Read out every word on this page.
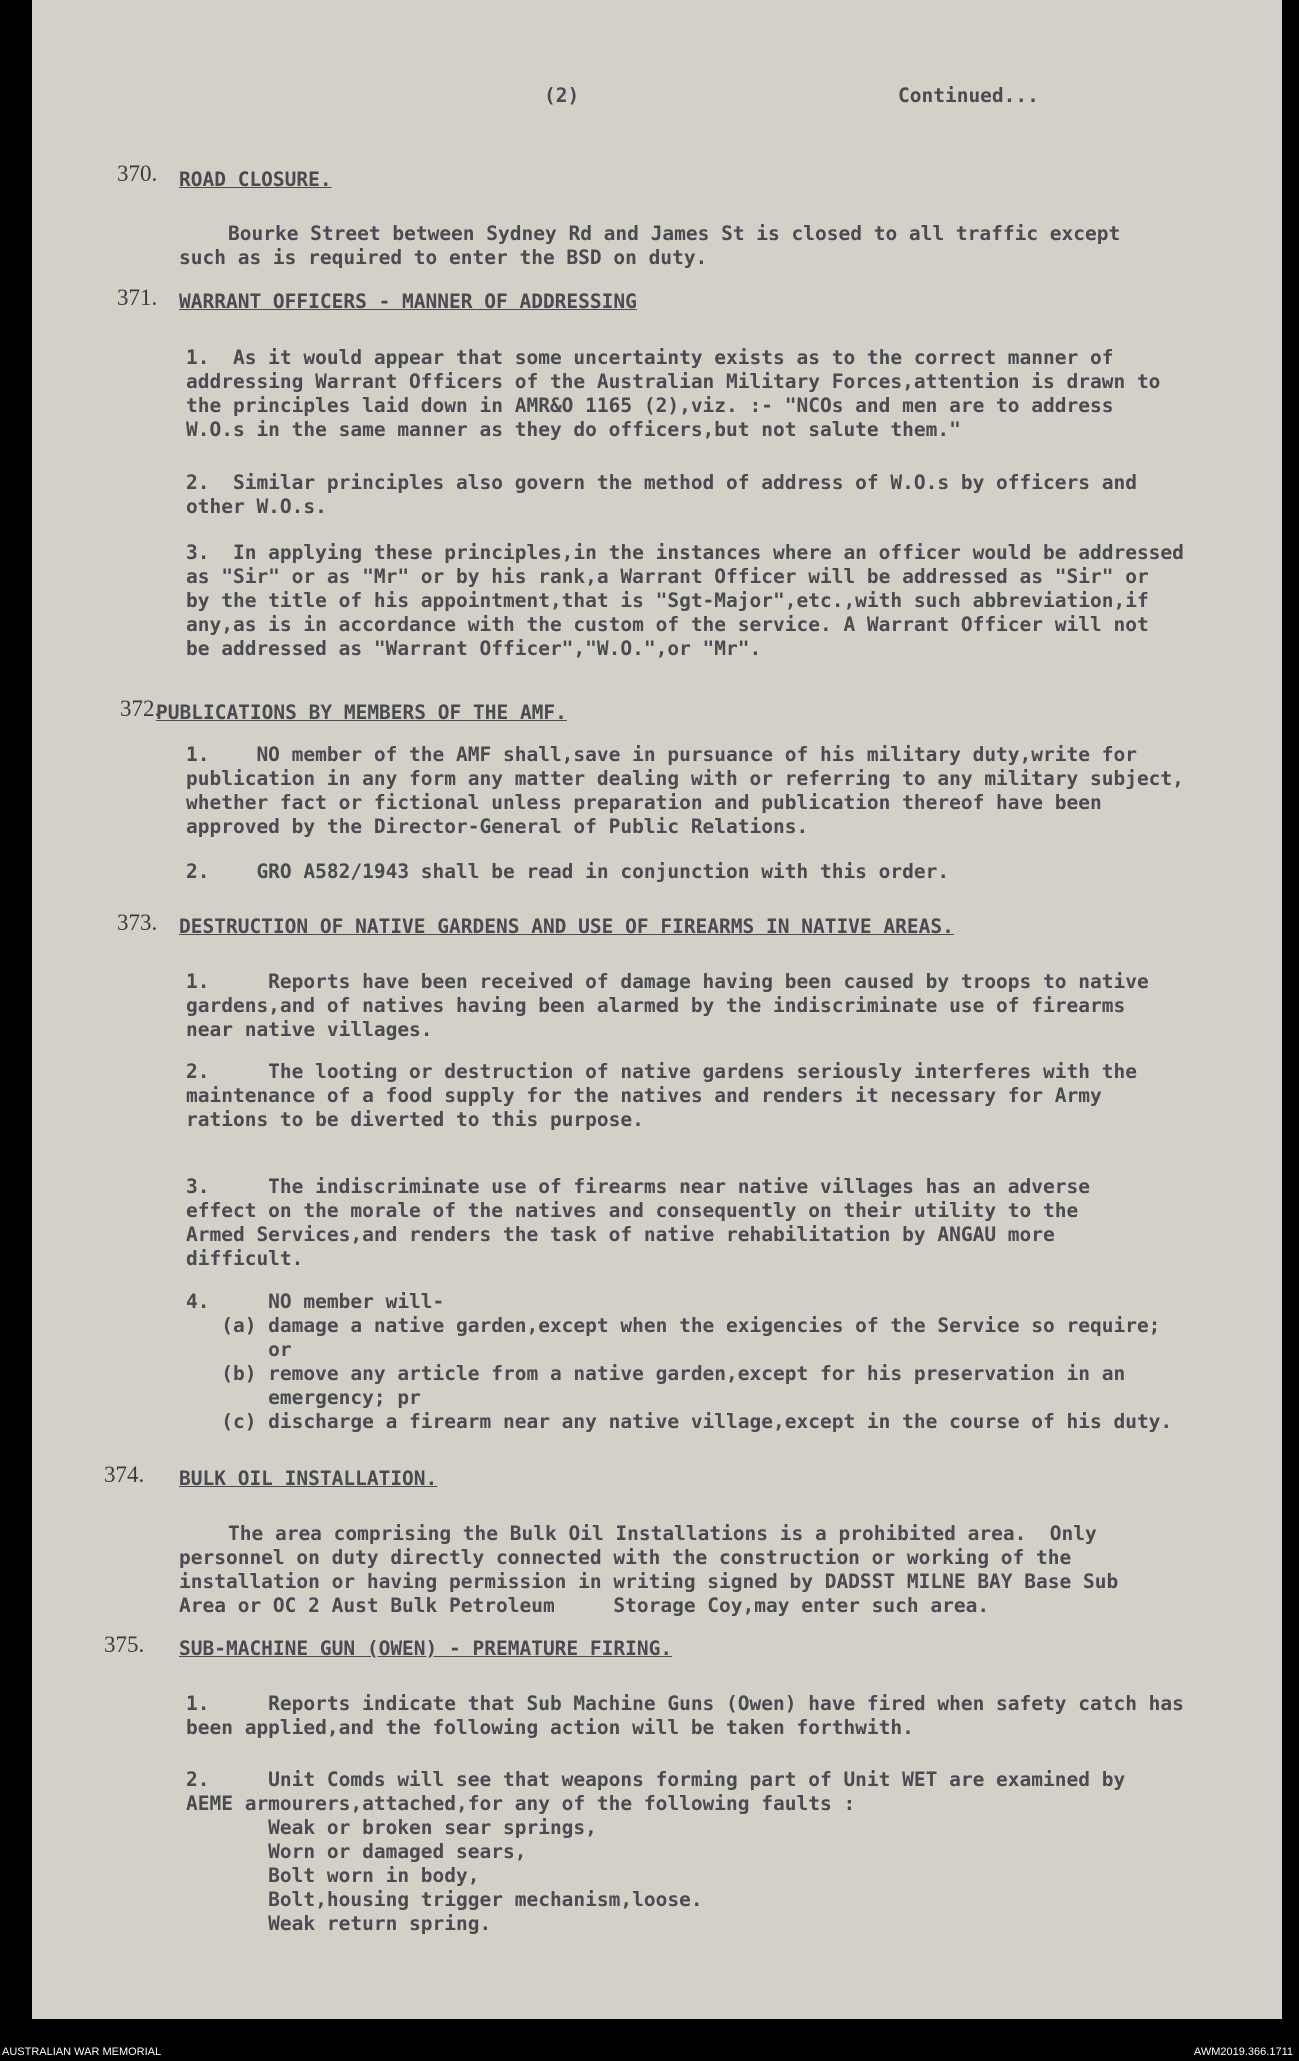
(2)	Continued...
370. ROAD CLOSURE.
Bourke Street between Sydney Rd and James St is closed to all traffic except
such as is required to enter the BSD on duty.
371. WARRANT OFFICERS - MANNER OF ADDRESSING
1.  As it would appear that some uncertainty exists as to the correct manner of
addressing Warrant Officers of the Australian Military Forces,attention is drawn to
the principles laid down in AMR&O 1165 (2),viz. :- "NCOs and men are to address
W.O.s in the same manner as they do officers,but not salute them."
2.  Similar principles also govern the method of address of W.O.s by officers and
other W.O.s.
3.  In applying these principles,in the instances where an officer would be addressed
as "Sir" or as "Mr" or by his rank,a Warrant Officer will be addressed as "Sir" or
by the title of his appointment,that is "Sgt-Major",etc.,with such abbreviation,if
any,as is in accordance with the custom of the service. A Warrant Officer will not
be addressed as "Warrant Officer","W.O.",or "Mr".
372.
PUBLICATIONS BY MEMBERS OF THE AMF.
1.    NO member of the AMF shall,save in pursuance of his military duty,write for
publication in any form any matter dealing with or referring to any military subject,
whether fact or fictional unless preparation and publication thereof have been
approved by the Director-General of Public Relations.
2.    GRO A582/1943 shall be read in conjunction with this order.
373. DESTRUCTION OF NATIVE GARDENS AND USE OF FIREARMS IN NATIVE AREAS.
1.     Reports have been received of damage having been caused by troops to native
gardens,and of natives having been alarmed by the indiscriminate use of firearms
near native villages.
2.     The looting or destruction of native gardens seriously interferes with the
maintenance of a food supply for the natives and renders it necessary for Army
rations to be diverted to this purpose.
3.     The indiscriminate use of firearms near native villages has an adverse
effect on the morale of the natives and consequently on their utility to the
Armed Services,and renders the task of native rehabilitation by ANGAU more
difficult.
4.     NO member will-
(a) damage a native garden,except when the exigencies of the Service so require;
or
(b) remove any article from a native garden,except for his preservation in an
emergency; pr
(c) discharge a firearm near any native village,except in the course of his duty.
374. BULK OIL INSTALLATION.
The area comprising the Bulk Oil Installations is a prohibited area.  Only
personnel on duty directly connected with the construction or working of the
installation or having permission in writing signed by DADSST MILNE BAY Base Sub
Area or OC 2 Aust Bulk Petroleum     Storage Coy,may enter such area.
375. SUB-MACHINE GUN (OWEN) - PREMATURE FIRING.
1.     Reports indicate that Sub Machine Guns (Owen) have fired when safety catch has
been applied,and the following action will be taken forthwith.
2.     Unit Comds will see that weapons forming part of Unit WET are examined by
AEME armourers,attached,for any of the following faults :
Weak or broken sear springs,
Worn or damaged sears,
Bolt worn in body,
Bolt,housing trigger mechanism,loose.
Weak return spring.
AUSTRALIAN WAR MEMORIAL	AWM2019.366.1711
